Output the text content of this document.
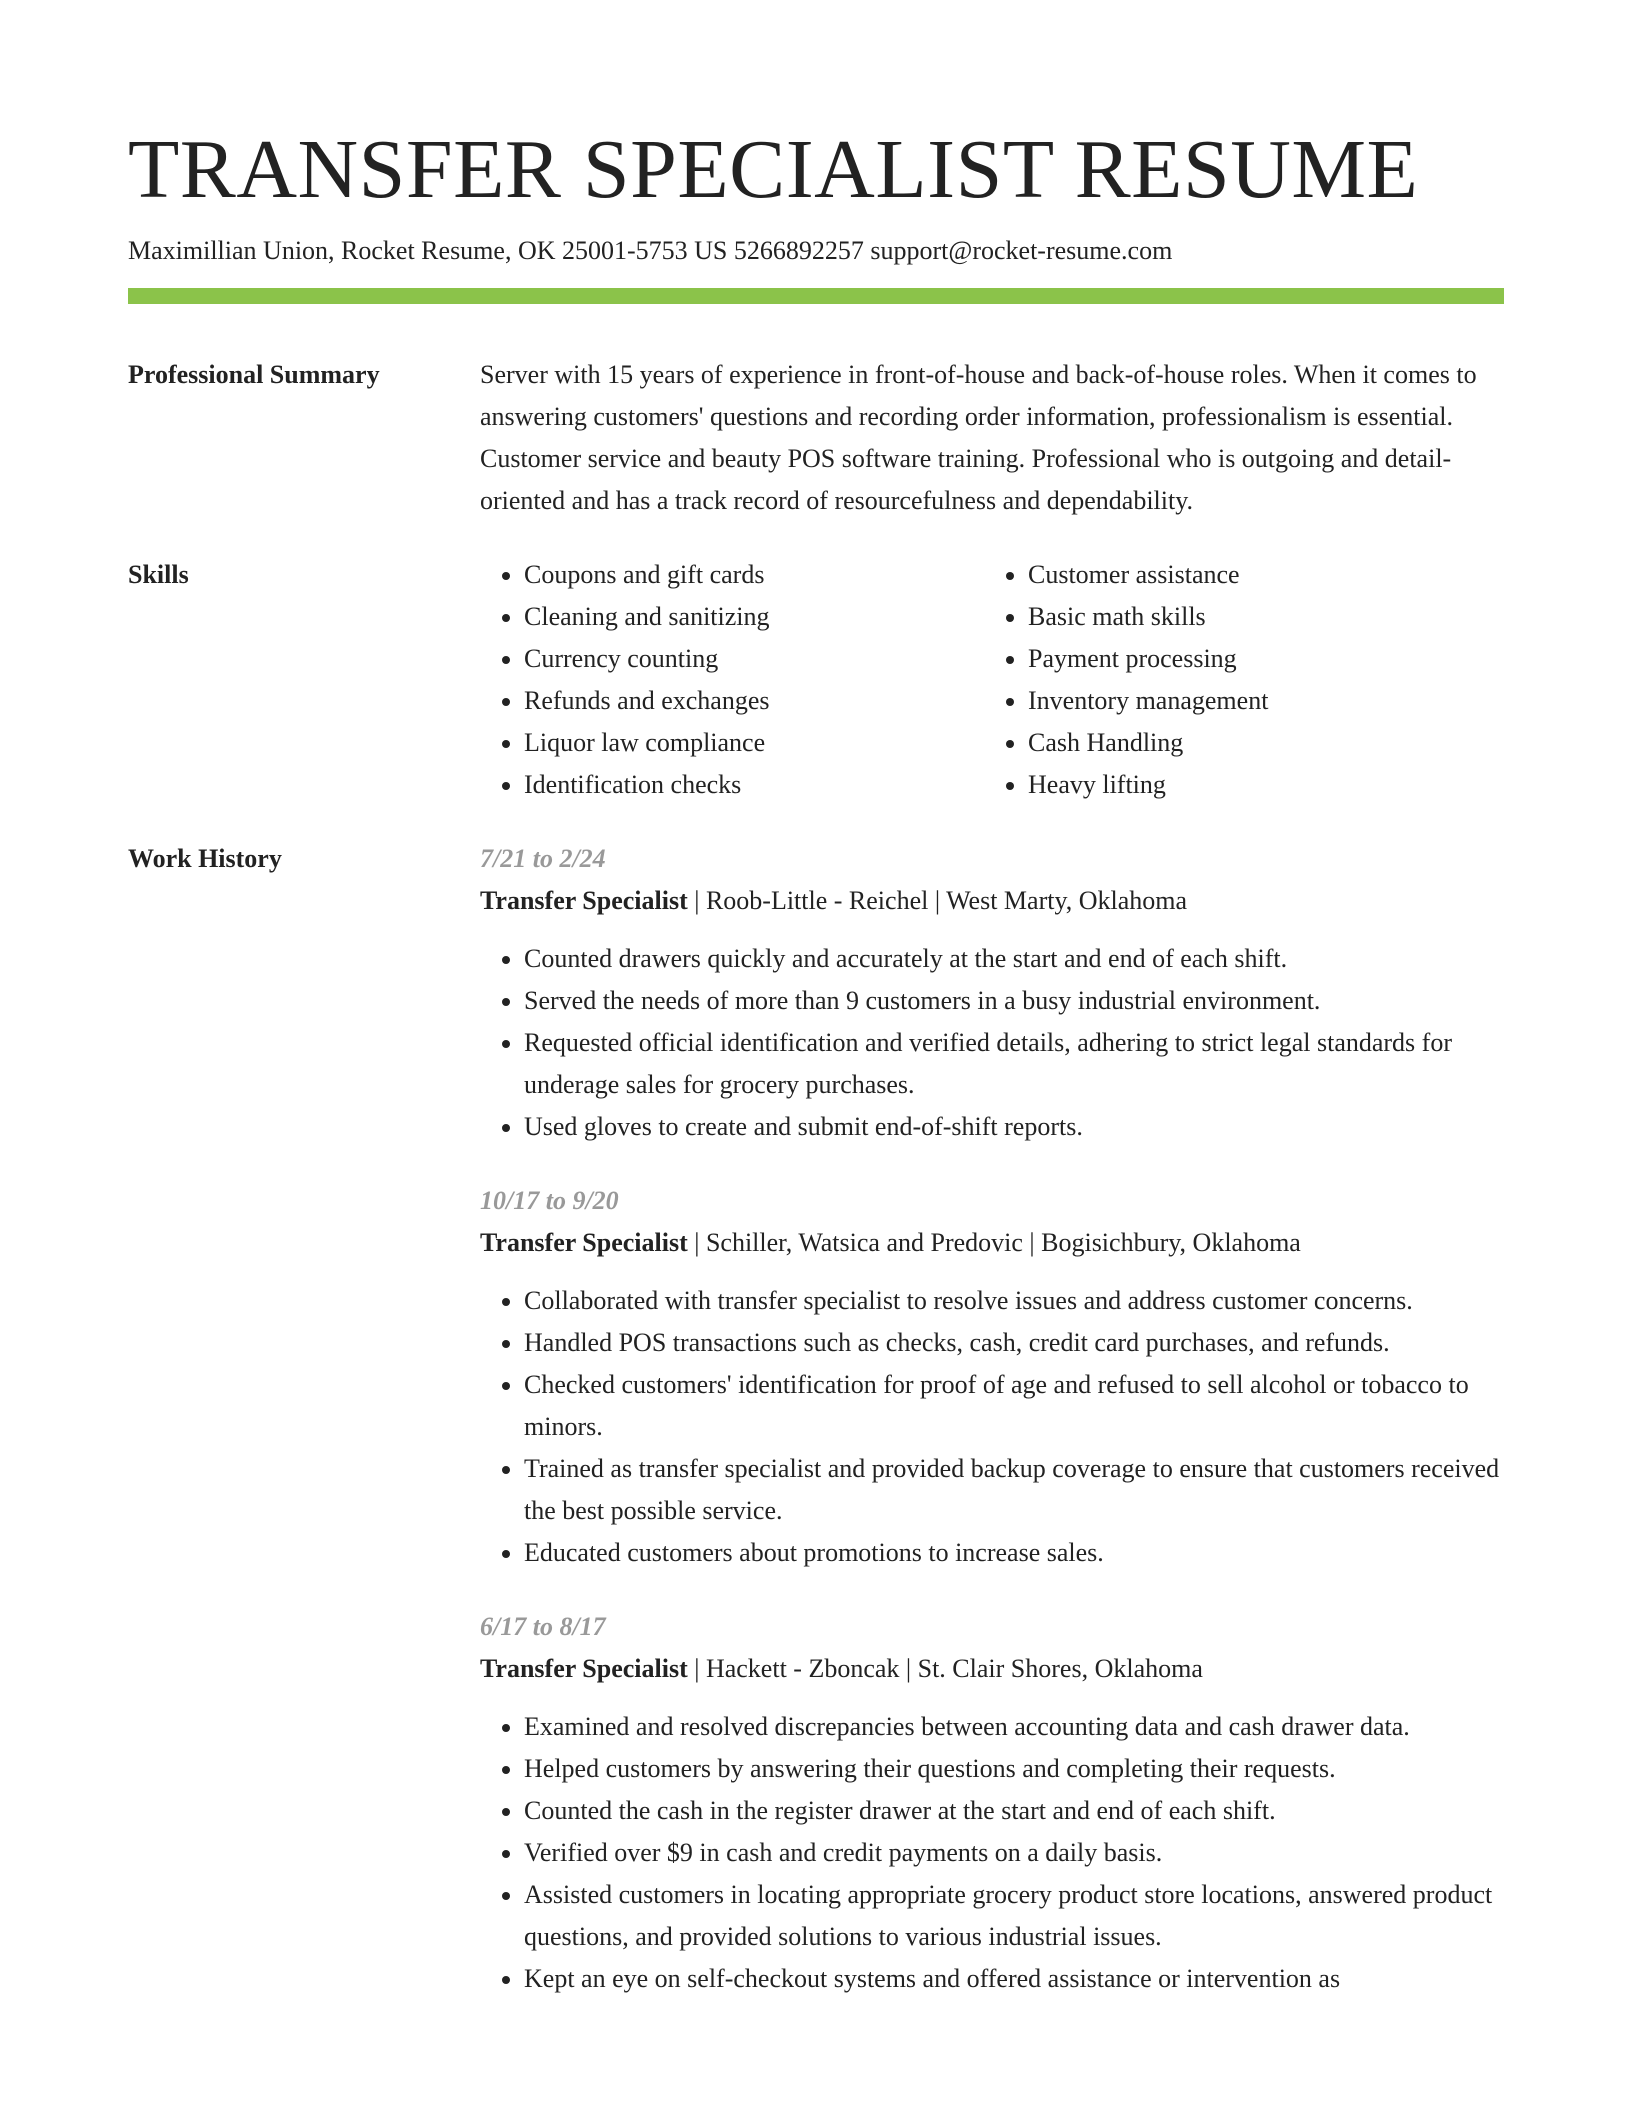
TRANSFER SPECIALIST RESUME
Maximillian Union, Rocket Resume, OK 25001-5753 US 5266892257 support@rocket-resume.com
Professional Summary	Server with 15 years of experience in front-of-house and back-of-house roles. When it comes to answering customers' questions and recording order information, professionalism is essential. Customer service and beauty POS software training. Professional who is outgoing and detail-oriented and has a track record of resourcefulness and dependability.

Skills
•	Coupons and gift cards
• Cleaning and sanitizing
• Currency counting
• Refunds and exchanges
• Liquor law compliance
• Identification checks
• Customer assistance
• Basic math skills
• Payment processing
• Inventory management
• Cash Handling
• Heavy lifting
Work History	7/21 to 2/24
Transfer Specialist | Roob-Little - Reichel | West Marty, Oklahoma
• Counted drawers quickly and accurately at the start and end of each shift.
• Served the needs of more than 9 customers in a busy industrial environment.
• Requested official identification and verified details, adhering to strict legal standards for underage sales for grocery purchases.
• Used gloves to create and submit end-of-shift reports.
10/17 to 9/20
Transfer Specialist | Schiller, Watsica and Predovic | Bogisichbury, Oklahoma
• Collaborated with transfer specialist to resolve issues and address customer concerns.
• Handled POS transactions such as checks, cash, credit card purchases, and refunds.
• Checked customers' identification for proof of age and refused to sell alcohol or tobacco to minors.
• Trained as transfer specialist and provided backup coverage to ensure that customers received the best possible service.
• Educated customers about promotions to increase sales.
6/17 to 8/17
Transfer Specialist | Hackett - Zboncak | St. Clair Shores, Oklahoma
• Examined and resolved discrepancies between accounting data and cash drawer data.
• Helped customers by answering their questions and completing their requests.
• Counted the cash in the register drawer at the start and end of each shift.
• Verified over $9 in cash and credit payments on a daily basis.
• Assisted customers in locating appropriate grocery product store locations, answered product questions, and provided solutions to various industrial issues.
• Kept an eye on self-checkout systems and offered assistance or intervention as
